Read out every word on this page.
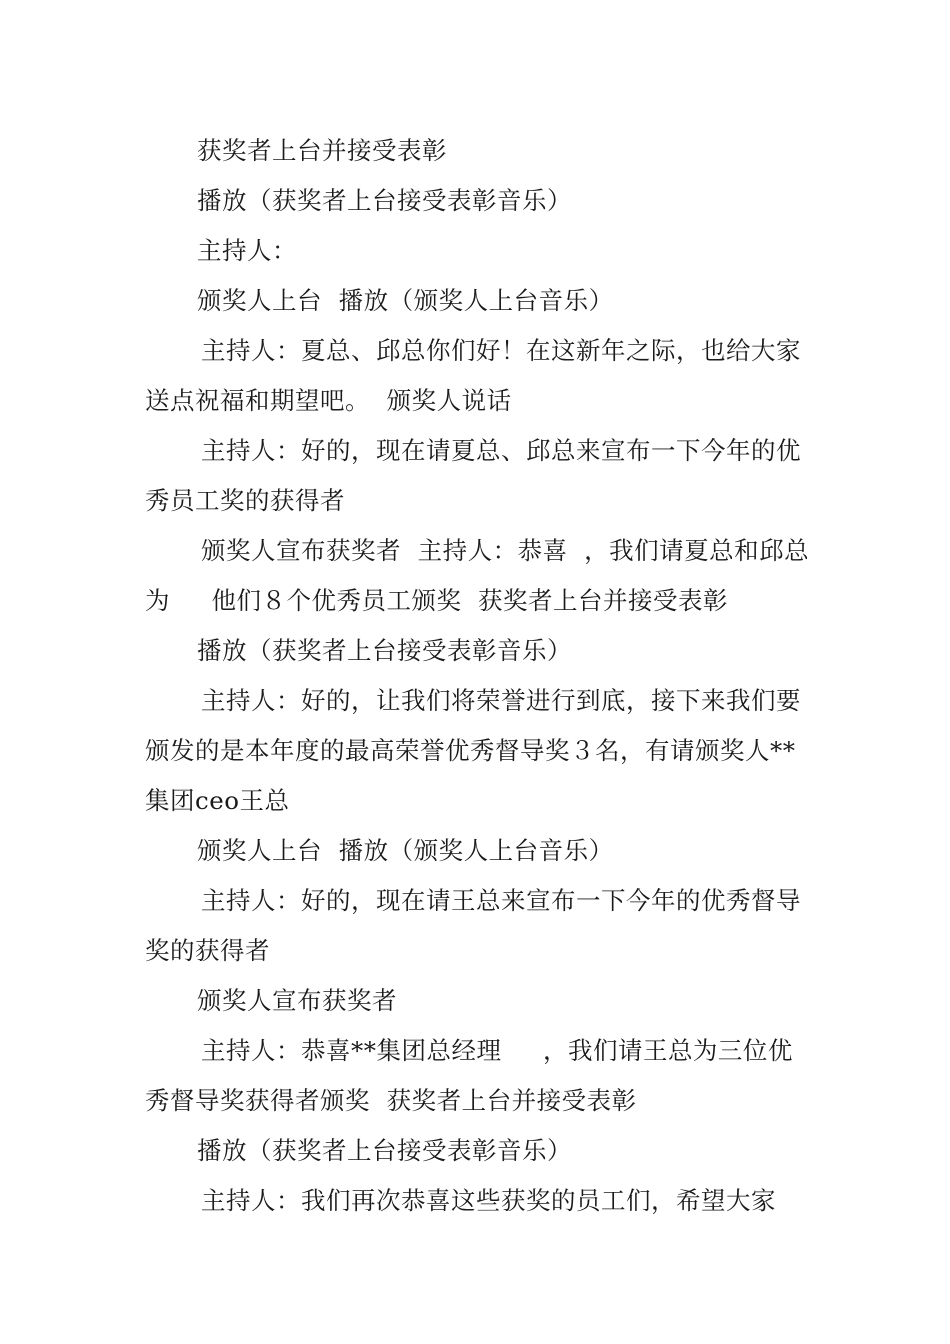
获奖者上台并接受表彰

播放（获奖者上台接受表彰音乐）

主持人：

颁奖人上台  播放（颁奖人上台音乐）

主持人：夏总、邱总你们好！在这新年之际，也给大家送点祝福和期望吧。  颁奖人说话

主持人：好的，现在请夏总、邱总来宣布一下今年的优秀员工奖的获得者

颁奖人宣布获奖者  主持人：恭喜  ，我们请夏总和邱总为     他们８个优秀员工颁奖  获奖者上台并接受表彰

播放（获奖者上台接受表彰音乐）

主持人：好的，让我们将荣誉进行到底，接下来我们要颁发的是本年度的最高荣誉优秀督导奖３名，有请颁奖人**集团ceo王总

颁奖人上台  播放（颁奖人上台音乐）

主持人：好的，现在请王总来宣布一下今年的优秀督导奖的获得者

颁奖人宣布获奖者

主持人：恭喜**集团总经理     ，我们请王总为三位优秀督导奖获得者颁奖  获奖者上台并接受表彰

播放（获奖者上台接受表彰音乐）

主持人：我们再次恭喜这些获奖的员工们，希望大家
